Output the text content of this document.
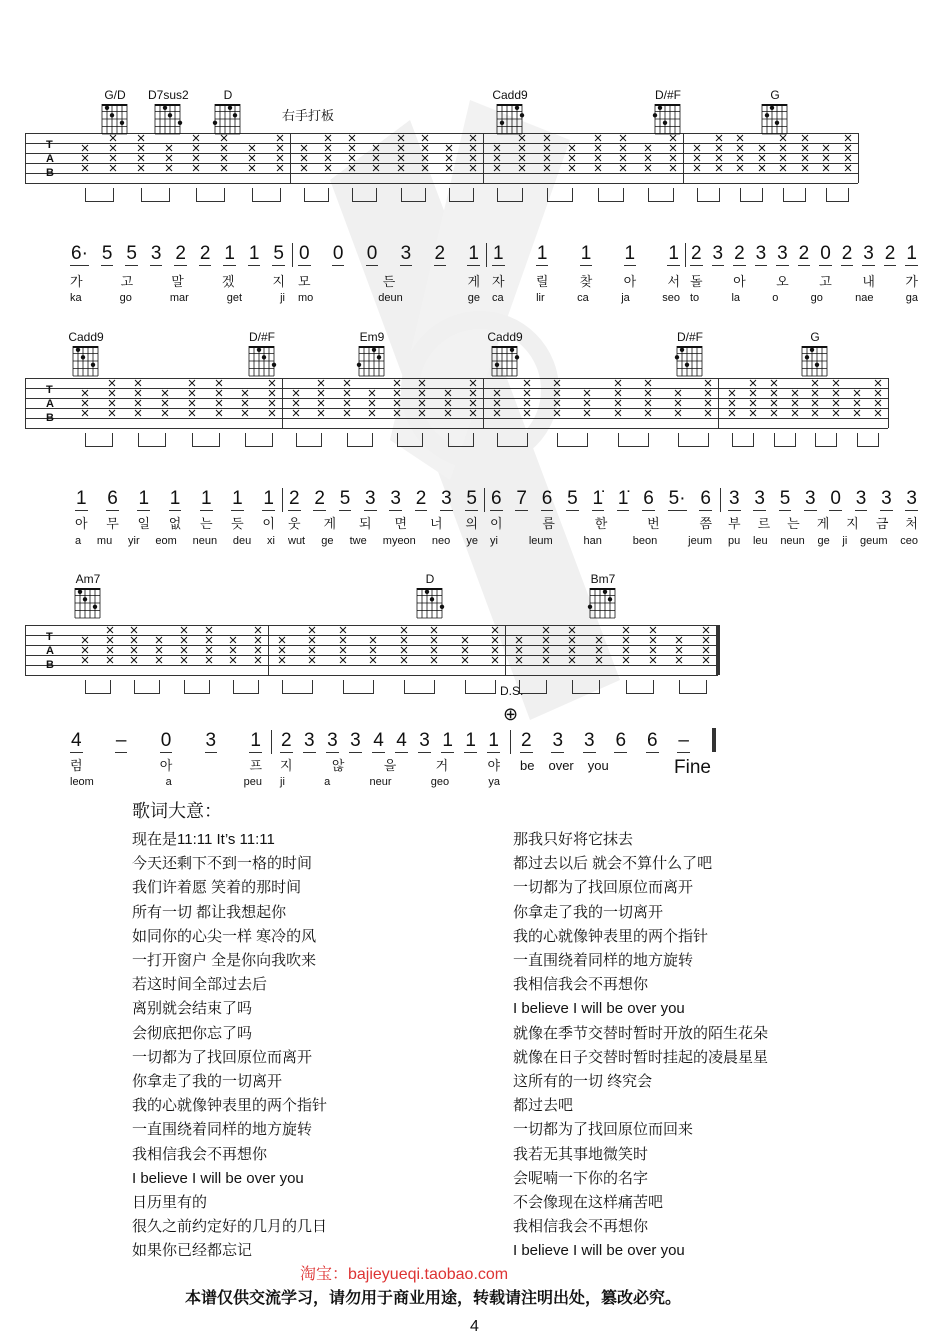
右手打板
T
A
B
G/D	D7sus2	D	Cadd9	D/#F	G
6· 5 5 3 2 2 1 1 5
가	고	말	겠	지
ka	go	mar	get	ji
0 0 0 3 2 1
모	든	게
mo	deun	ge
1 1 1 1 1
자 릴 찾 아 서
ca	lir	ca	ja	seo
2 3 2 3 3 2 0 2 3 2 1
돌 아 오 고 내 가
to	la	o	go	nae	ga
T
A
B
Cadd9	D/#F	Em9	Cadd9	D/#F	G
1 6 1 1 1 1 1
아 무 일 없 는 듯 이
a mu yir eom neun deu xi
2 2 5 3 3 2 3 5
웃 게 되 면 너 의
wut ge twe myeon neo ye
6 7 6 5 1̇ 1̇ 6 5· 6
이	름	한	번	쯤
yi	leum	han	beon	jeum
3 3 5 3 0 3 3 3
부 르 는 게 지 금 처
pu leu neun ge ji geum ceo
T
A
B
Am7	D	Bm7
4 – 0 3 1
럼	아	프
leom	a	peu
2 3 3 3 4 4 3 1 1 1
지	않	을	거	야
ji	a	neur	geo	ya
2 3 3 6 6 –
be over you
D.S.
⊕
Fine
歌词大意：
现在是11:11 It’s 11:11
今天还剩下不到一格的时间
我们许着愿 笑着的那时间
所有一切 都让我想起你
如同你的心尖一样 寒冷的风
一打开窗户 全是你向我吹来
若这时间全部过去后
离别就会结束了吗
会彻底把你忘了吗
一切都为了找回原位而离开
你拿走了我的一切离开
我的心就像钟表里的两个指针
一直围绕着同样的地方旋转
我相信我会不再想你
I believe I will be over you
日历里有的
很久之前约定好的几月的几日
如果你已经都忘记
那我只好将它抹去
都过去以后 就会不算什么了吧
一切都为了找回原位而离开
你拿走了我的一切离开
我的心就像钟表里的两个指针
一直围绕着同样的地方旋转
我相信我会不再想你
I believe I will be over you
就像在季节交替时暂时开放的陌生花朵
就像在日子交替时暂时挂起的凌晨星星
这所有的一切 终究会
都过去吧
一切都为了找回原位而回来
我若无其事地微笑时
会呢喃一下你的名字
不会像现在这样痛苦吧
我相信我会不再想你
I believe I will be over you
淘宝：bajieyueqi.taobao.com
本谱仅供交流学习，请勿用于商业用途，转载请注明出处，篡改必究。
4
